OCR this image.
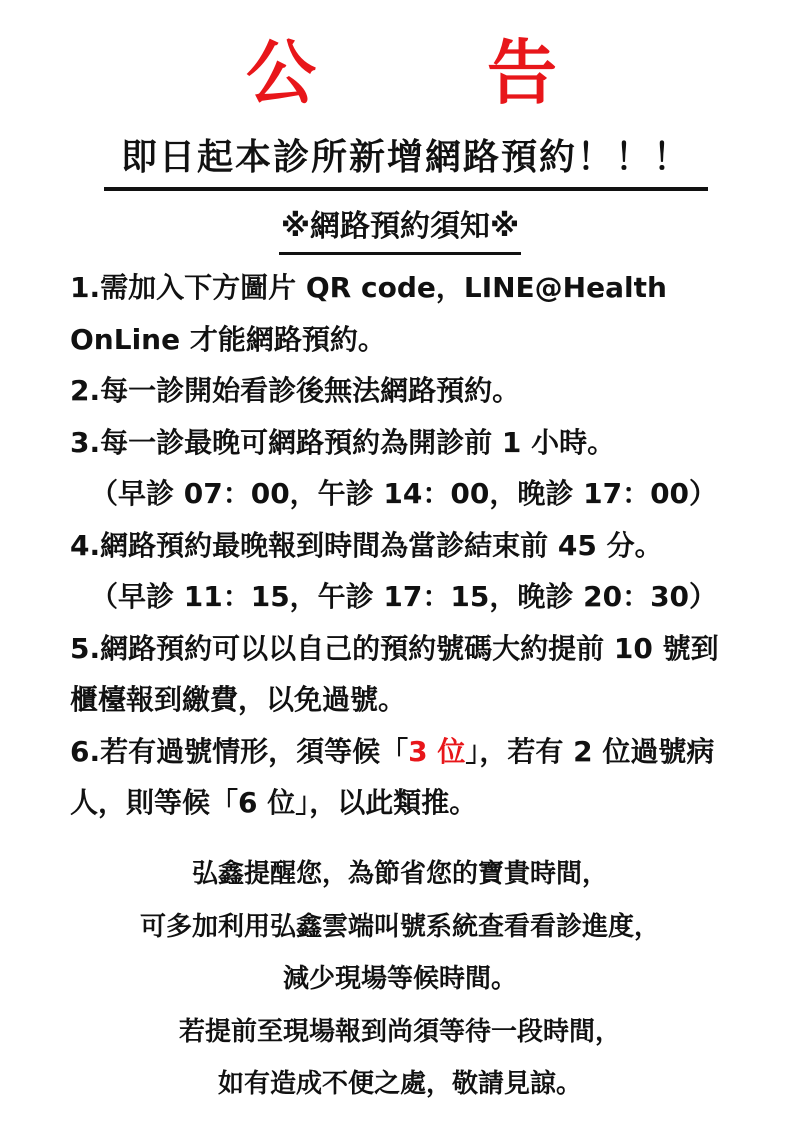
公 告
即日起本診所新增網路預約！！！
※網路預約須知※
1.需加入下方圖片 QR code，LINE@Health
OnLine 才能網路預約。
2.每一診開始看診後無法網路預約。
3.每一診最晚可網路預約為開診前 1 小時。
（早診 07：00，午診 14：00，晚診 17：00）
4.網路預約最晚報到時間為當診結束前 45 分。
（早診 11：15，午診 17：15，晚診 20：30）
5.網路預約可以以自己的預約號碼大約提前 10 號到
櫃檯報到繳費，以免過號。
6.若有過號情形，須等候「3 位」，若有 2 位過號病
人，則等候「6 位」，以此類推。
弘鑫提醒您，為節省您的寶貴時間，
可多加利用弘鑫雲端叫號系統查看看診進度，
減少現場等候時間。
若提前至現場報到尚須等待一段時間，
如有造成不便之處，敬請見諒。
